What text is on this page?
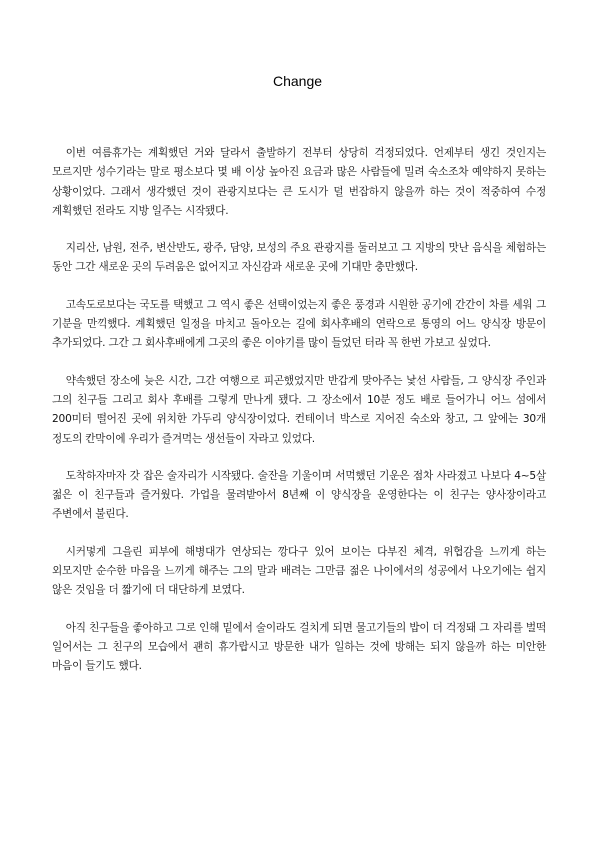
Change

이번 여름휴가는 계획했던 거와 달라서 출발하기 전부터 상당히 걱정되었다. 언제부터 생긴 것인지는 모르지만 성수기라는 말로 평소보다 몇 배 이상 높아진 요금과 많은 사람들에 밀려 숙소조차 예약하지 못하는 상황이었다. 그래서 생각했던 것이 관광지보다는 큰 도시가 덜 번잡하지 않을까 하는 것이 적중하여 수정 계획했던 전라도 지방 일주는 시작됐다.

지리산, 남원, 전주, 변산반도, 광주, 담양, 보성의 주요 관광지를 둘러보고 그 지방의 맛난 음식을 체험하는 동안 그간 새로운 곳의 두려움은 없어지고 자신감과 새로운 곳에 기대만 충만했다.

고속도로보다는 국도를 택했고 그 역시 좋은 선택이었는지 좋은 풍경과 시원한 공기에 간간이 차를 세워 그 기분을 만끽했다. 계획했던 일정을 마치고 돌아오는 길에 회사후배의 연락으로 통영의 어느 양식장 방문이 추가되었다. 그간 그 회사후배에게 그곳의 좋은 이야기를 많이 들었던 터라 꼭 한번 가보고 싶었다.

약속했던 장소에 늦은 시간, 그간 여행으로 피곤했었지만 반갑게 맞아주는 낯선 사람들, 그 양식장 주인과 그의 친구들 그리고 회사 후배를 그렇게 만나게 됐다. 그 장소에서 10분 정도 배로 들어가니 어느 섬에서 200미터 떨어진 곳에 위치한 가두리 양식장이었다. 컨테이너 박스로 지어진 숙소와 창고, 그 앞에는 30개 정도의 칸막이에 우리가 즐겨먹는 생선들이 자라고 있었다.

도착하자마자 갓 잡은 술자리가 시작됐다. 술잔을 기울이며 서먹했던 기운은 점차 사라졌고 나보다 4~5살 젊은 이 친구들과 즐거웠다. 가업을 물려받아서 8년째 이 양식장을 운영한다는 이 친구는 양사장이라고 주변에서 불린다.

시커멓게 그을린 피부에 해병대가 연상되는 깡다구 있어 보이는 다부진 체격, 위협감을 느끼게 하는 외모지만 순수한 마음을 느끼게 해주는 그의 말과 배려는 그만큼 젊은 나이에서의 성공에서 나오기에는 쉽지 않은 것임을 더 짧기에 더 대단하게 보였다.

아직 친구들을 좋아하고 그로 인해 밑에서 술이라도 걸치게 되면 물고기들의 밥이 더 걱정돼 그 자리를 벌떡 일어서는 그 친구의 모습에서 괜히 휴가랍시고 방문한 내가 일하는 것에 방해는 되지 않을까 하는 미안한 마음이 들기도 했다.
